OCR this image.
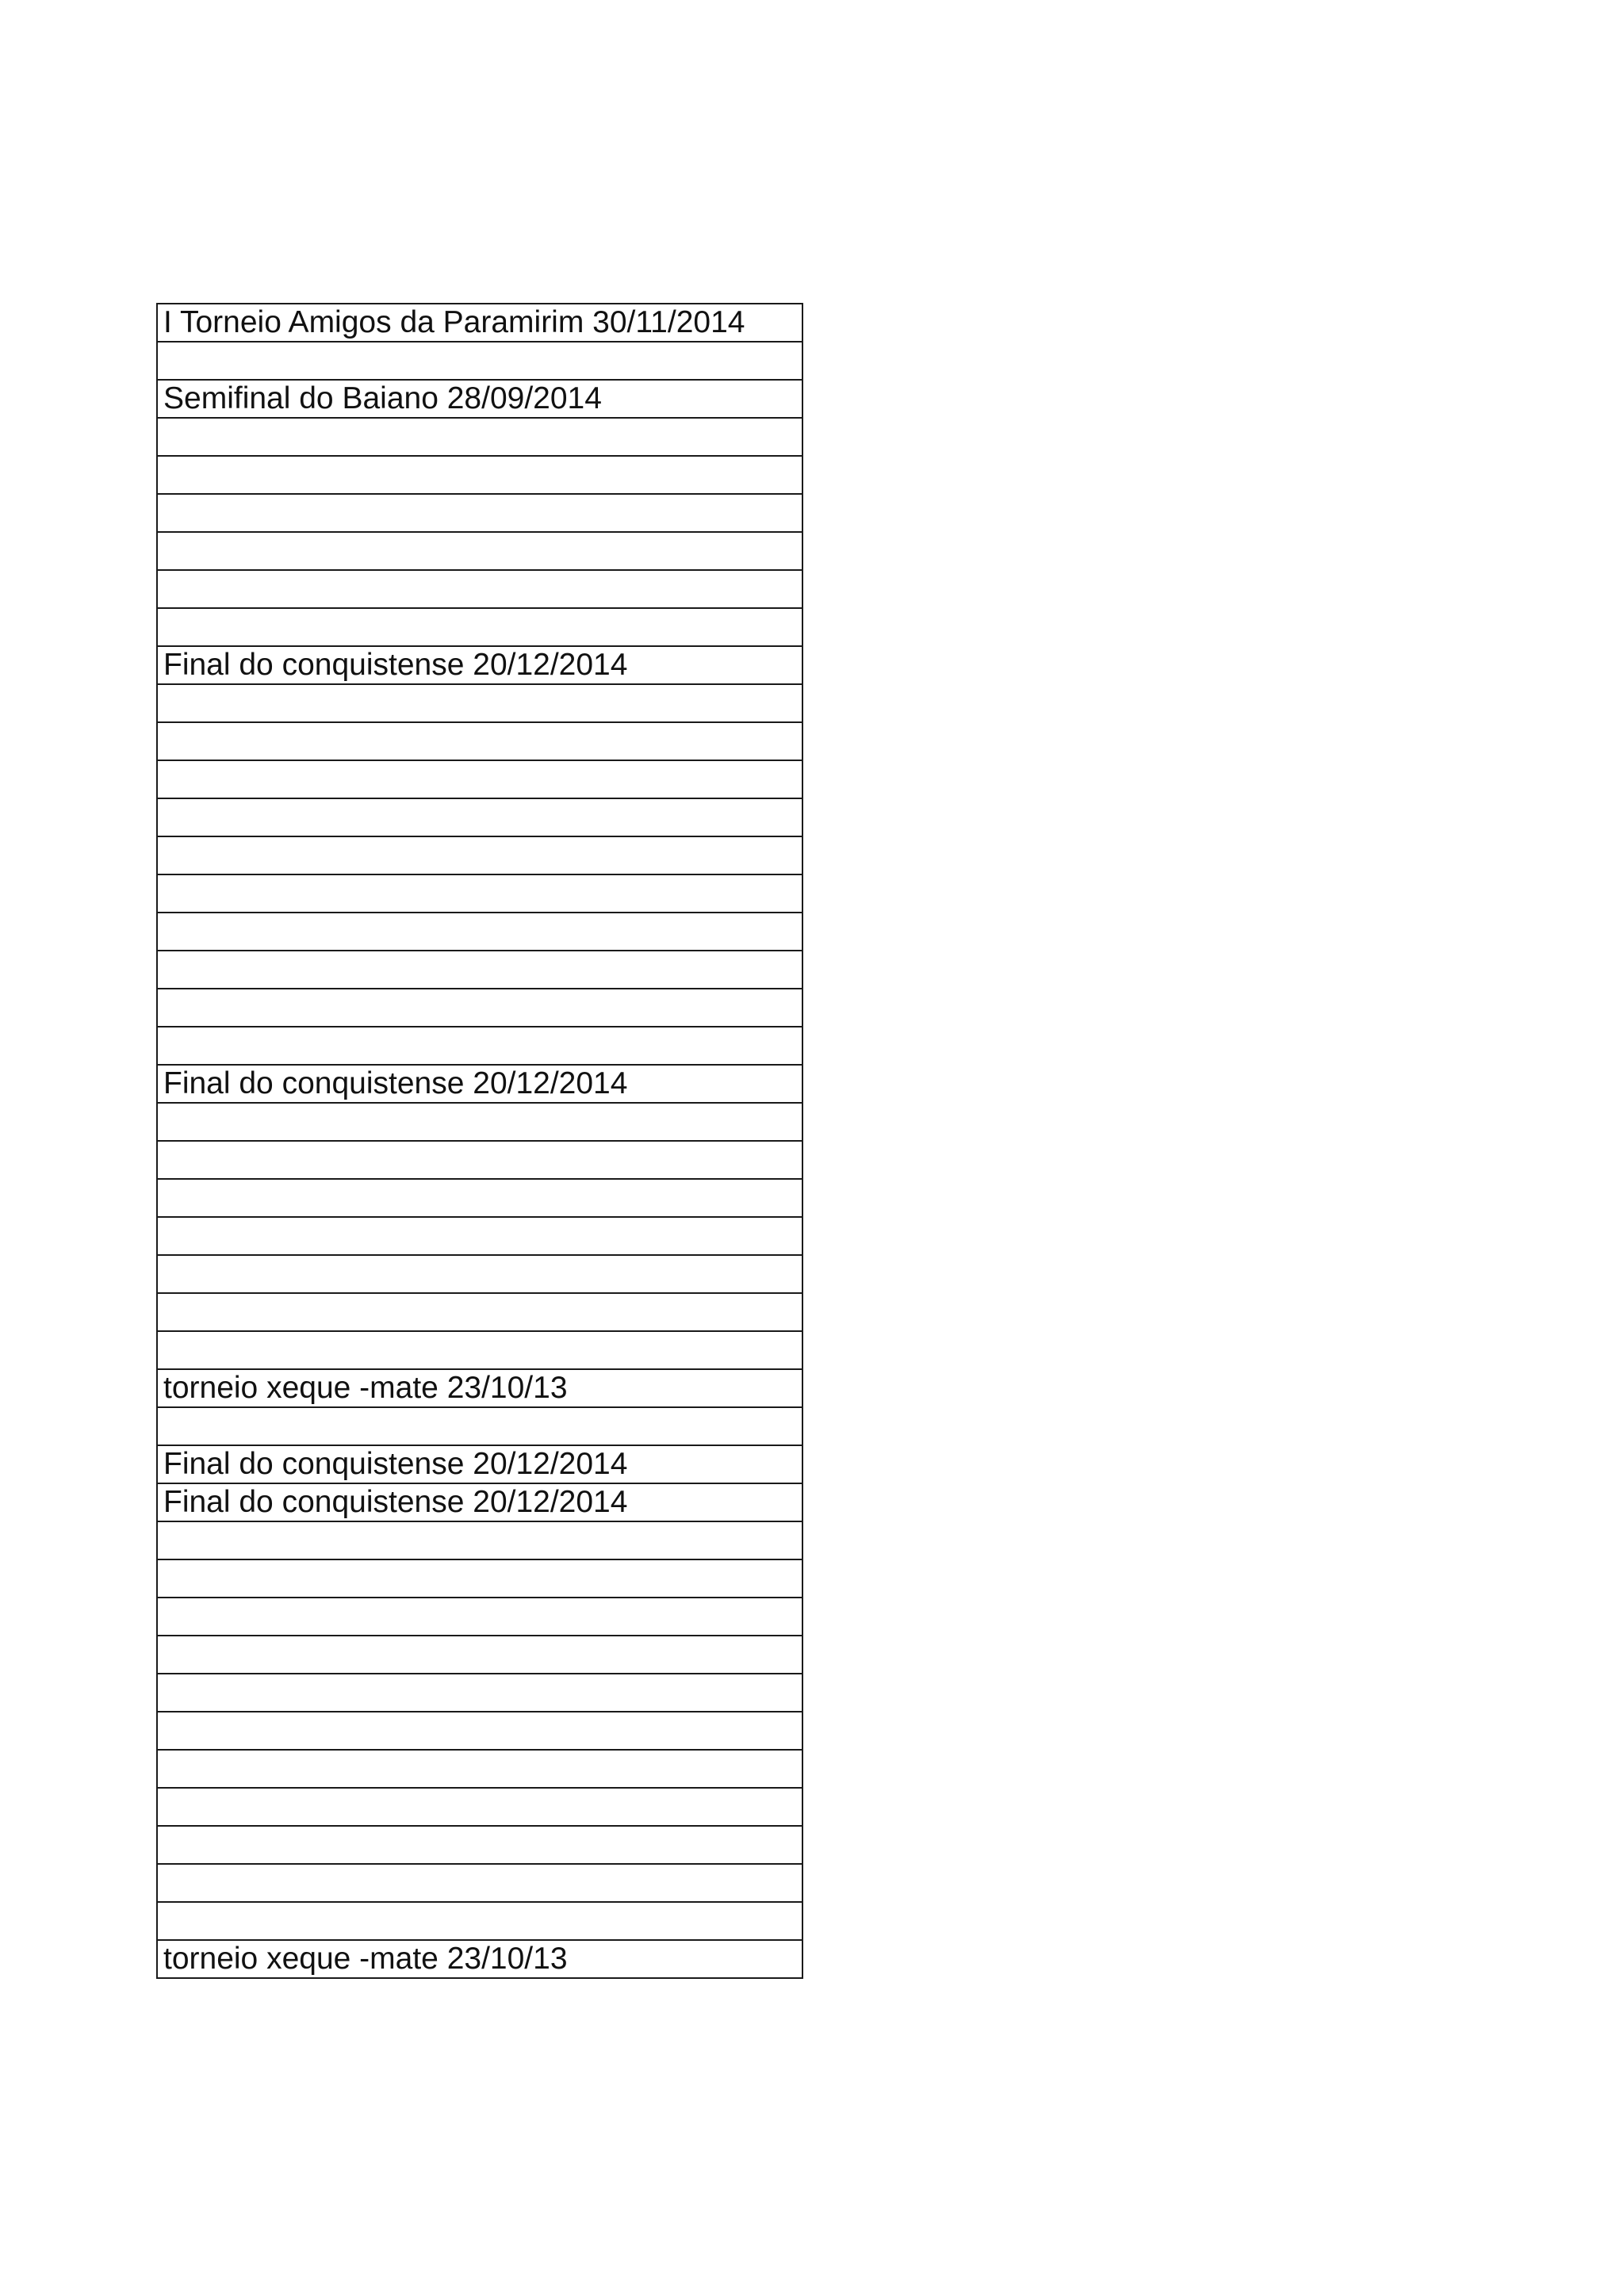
I Torneio Amigos da Paramirim 30/11/2014

Semifinal do Baiano 28/09/2014

Final do conquistense 20/12/2014

Final do conquistense 20/12/2014

torneio xeque -mate 23/10/13

Final do conquistense 20/12/2014
Final do conquistense 20/12/2014

torneio xeque -mate 23/10/13
